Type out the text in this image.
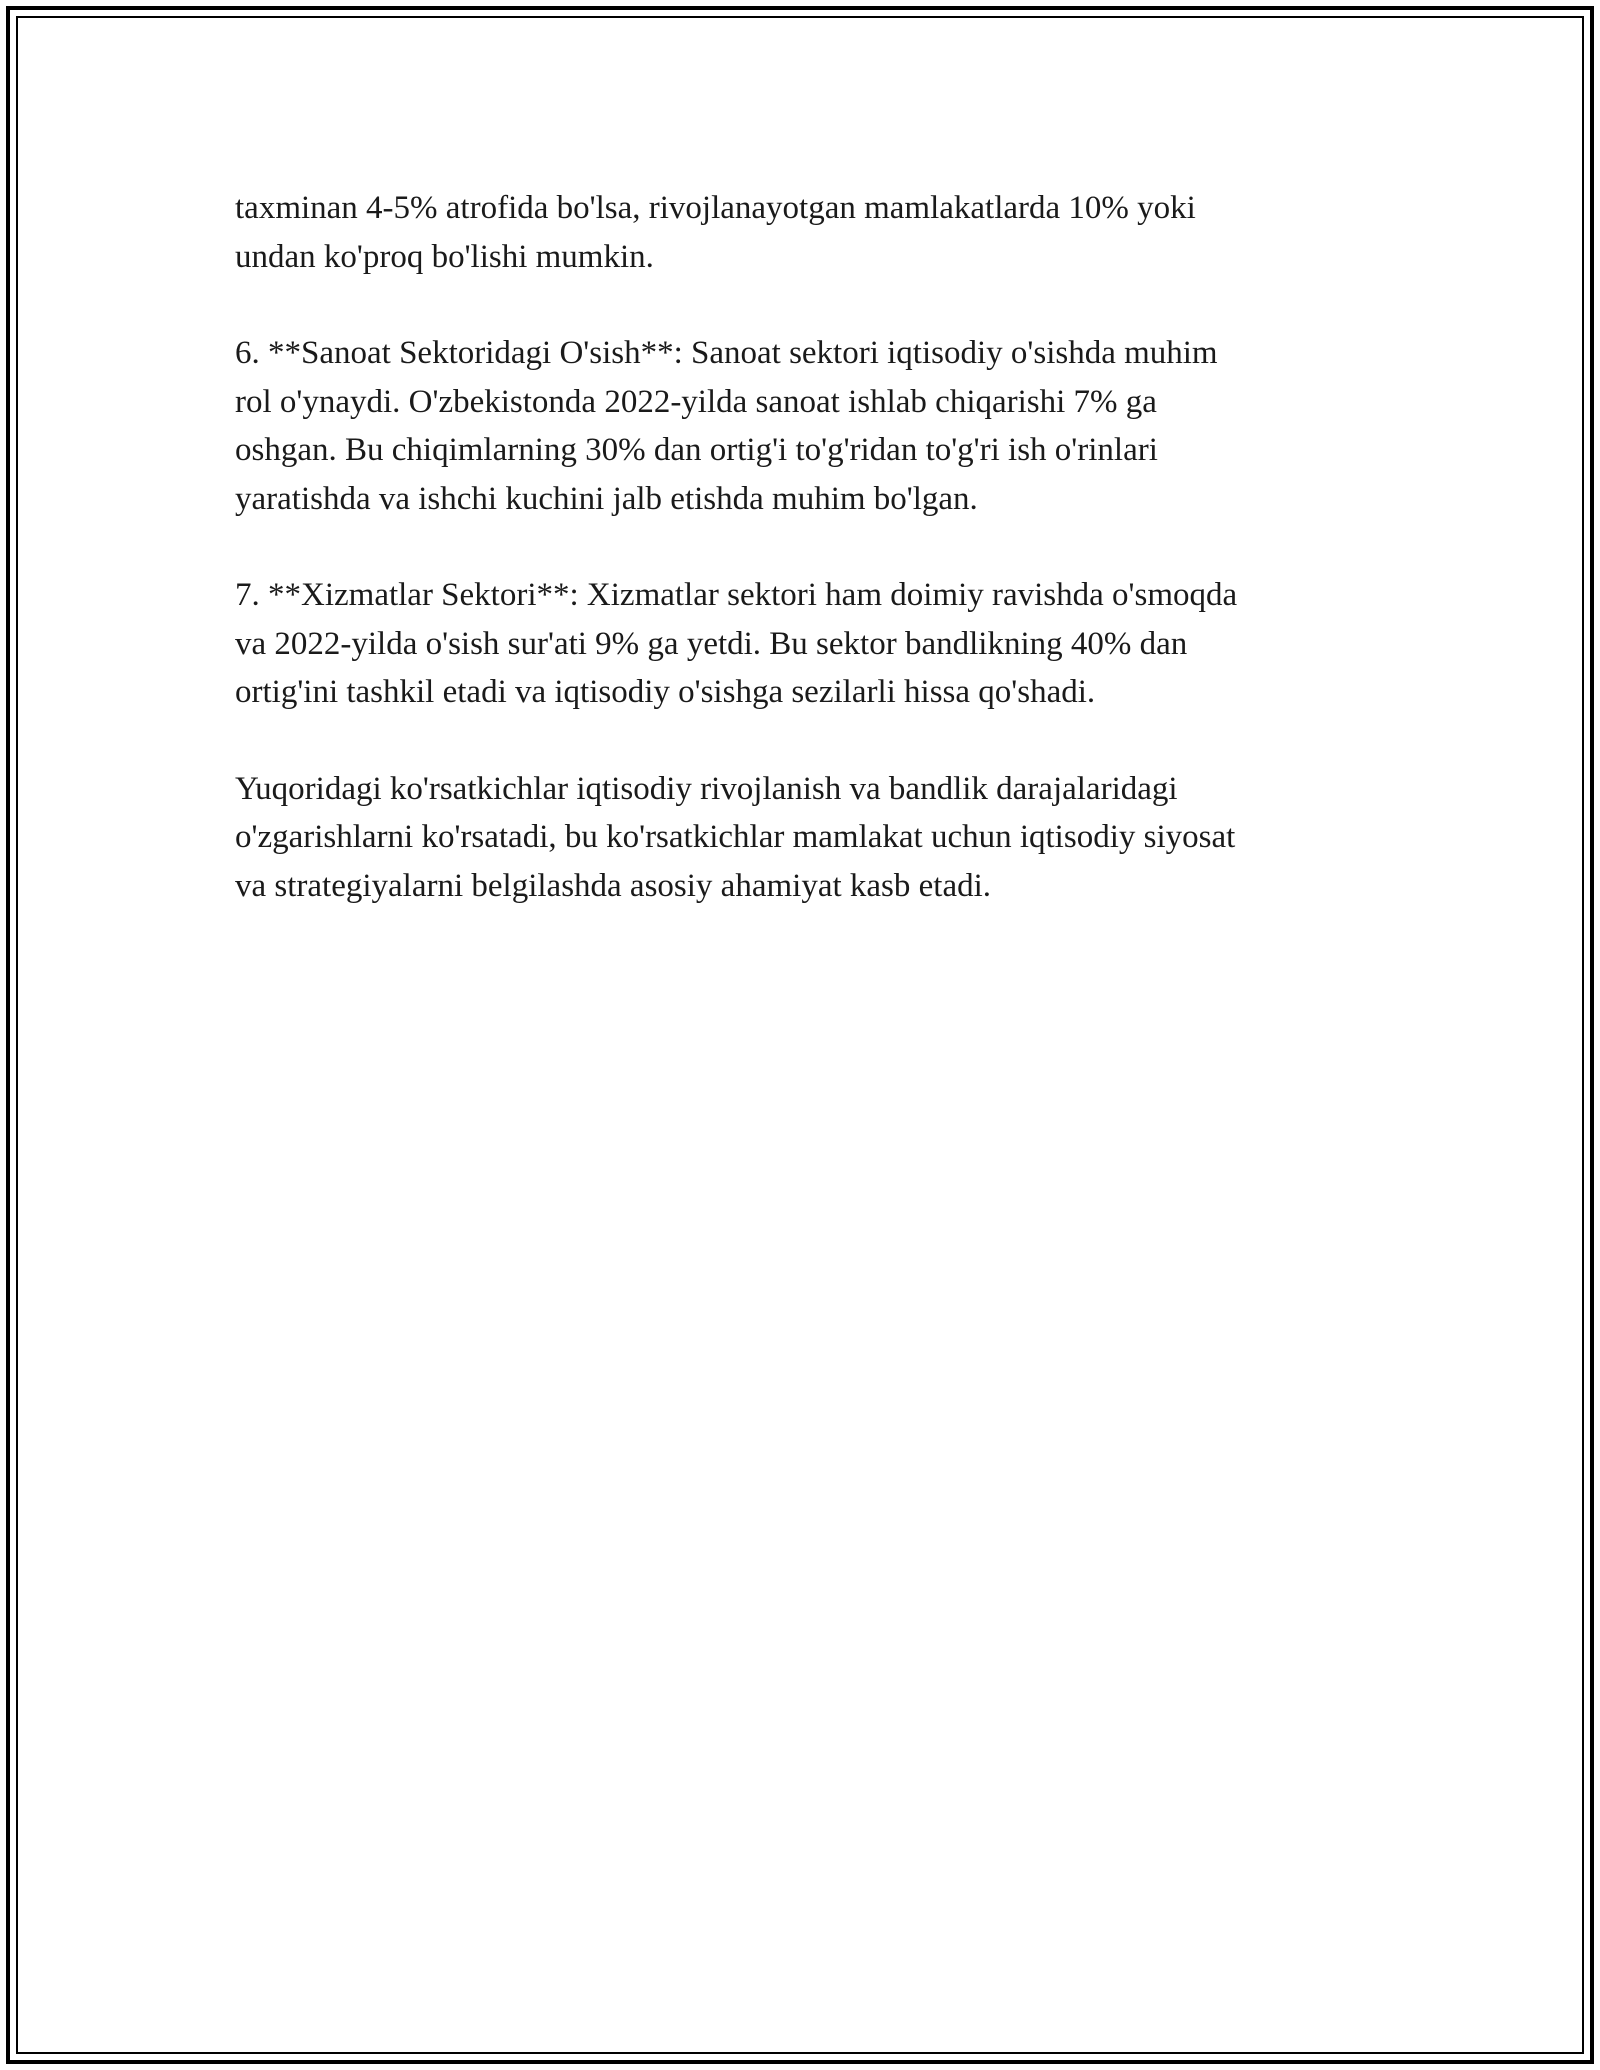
taxminan 4-5% atrofida bo'lsa, rivojlanayotgan mamlakatlarda 10% yoki
undan ko'proq bo'lishi mumkin.

6. **Sanoat Sektoridagi O'sish**: Sanoat sektori iqtisodiy o'sishda muhim
rol o'ynaydi. O'zbekistonda 2022-yilda sanoat ishlab chiqarishi 7% ga
oshgan. Bu chiqimlarning 30% dan ortig'i to'g'ridan to'g'ri ish o'rinlari
yaratishda va ishchi kuchini jalb etishda muhim bo'lgan.

7. **Xizmatlar Sektori**: Xizmatlar sektori ham doimiy ravishda o'smoqda
va 2022-yilda o'sish sur'ati 9% ga yetdi. Bu sektor bandlikning 40% dan
ortig'ini tashkil etadi va iqtisodiy o'sishga sezilarli hissa qo'shadi.

Yuqoridagi ko'rsatkichlar iqtisodiy rivojlanish va bandlik darajalaridagi
o'zgarishlarni ko'rsatadi, bu ko'rsatkichlar mamlakat uchun iqtisodiy siyosat
va strategiyalarni belgilashda asosiy ahamiyat kasb etadi.
